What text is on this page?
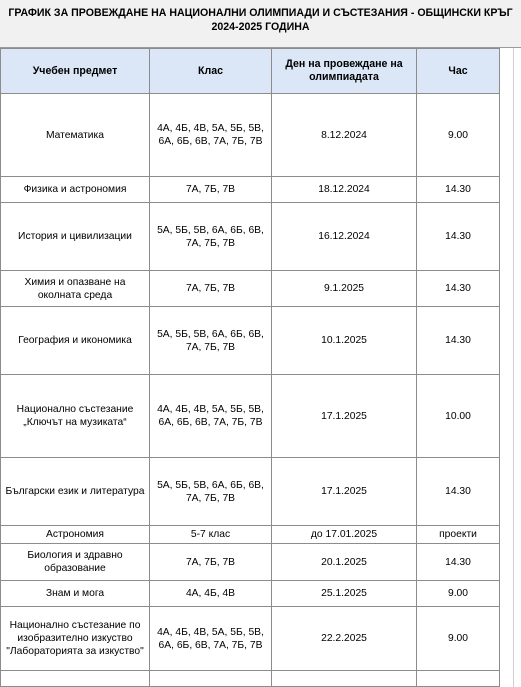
ГРАФИК ЗА ПРОВЕЖДАНЕ НА НАЦИОНАЛНИ ОЛИМПИАДИ И СЪСТЕЗАНИЯ - ОБЩИНСКИ КРЪГ
2024-2025 ГОДИНА
Учебен предмет	Клас	Ден на провеждане на олимпиадата	Час
Математика	4А, 4Б, 4В, 5А, 5Б, 5В, 6А, 6Б, 6В, 7А, 7Б, 7В	8.12.2024	9.00
Физика и астрономия	7А, 7Б, 7В	18.12.2024	14.30
История и цивилизации	5А, 5Б, 5В, 6А, 6Б, 6В, 7А, 7Б, 7В	16.12.2024	14.30
Химия и опазване на околната среда	7А, 7Б, 7В	9.1.2025	14.30
География и икономика	5А, 5Б, 5В, 6А, 6Б, 6В, 7А, 7Б, 7В	10.1.2025	14.30
Национално състезание „Ключът на музиката“	4А, 4Б, 4В, 5А, 5Б, 5В, 6А, 6Б, 6В, 7А, 7Б, 7В	17.1.2025	10.00
Български език и литература	5А, 5Б, 5В, 6А, 6Б, 6В, 7А, 7Б, 7В	17.1.2025	14.30
Астрономия	5-7 клас	до 17.01.2025	проекти
Биология и здравно образование	7А, 7Б, 7В	20.1.2025	14.30
Знам и мога	4А, 4Б, 4В	25.1.2025	9.00
Национално състезание по изобразително изкуство "Лабораторията за изкуство"	4А, 4Б, 4В, 5А, 5Б, 5В, 6А, 6Б, 6В, 7А, 7Б, 7В	22.2.2025	9.00
